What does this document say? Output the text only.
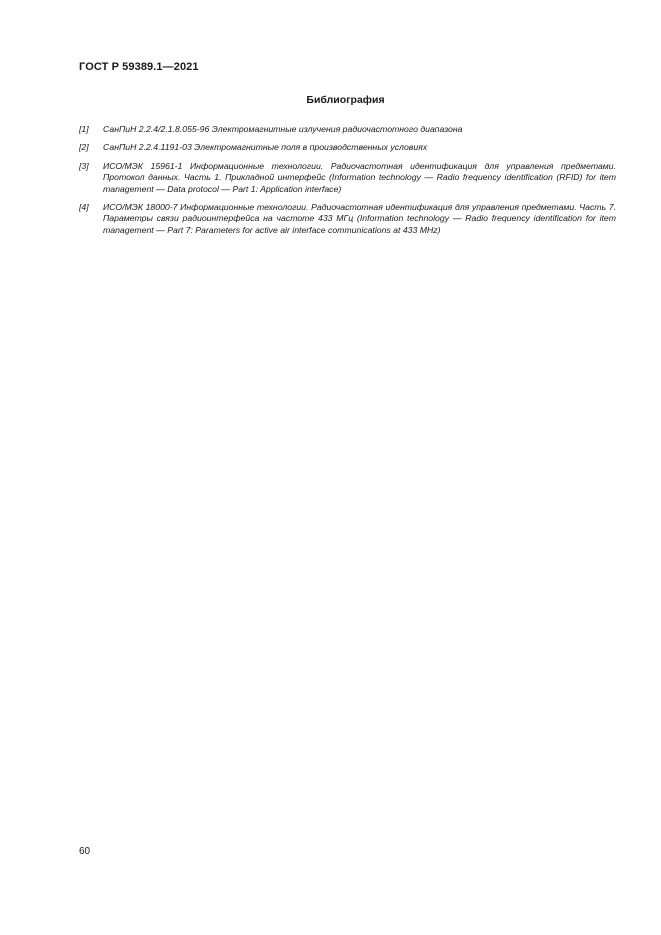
ГОСТ Р 59389.1—2021
Библиография
[1]	СанПиН 2.2.4/2.1.8.055-96 Электромагнитные излучения радиочастотного диапазона
[2]	СанПиН 2.2.4.1191-03 Электромагнитные поля в производственных условиях
[3]	ИСО/МЭК 15961-1 Информационные технологии. Радиочастотная идентификация для управления предметами. Протокол данных. Часть 1. Прикладной интерфейс (Information technology — Radio frequency identification (RFID) for item management — Data protocol — Part 1: Application interface)
[4]	ИСО/МЭК 18000-7 Информационные технологии. Радиочастотная идентификация для управления предметами. Часть 7. Параметры связи радиоинтерфейса на частоте 433 МГц (Information technology — Radio frequency identification for item management — Part 7: Parameters for active air interface communications at 433 MHz)
60
